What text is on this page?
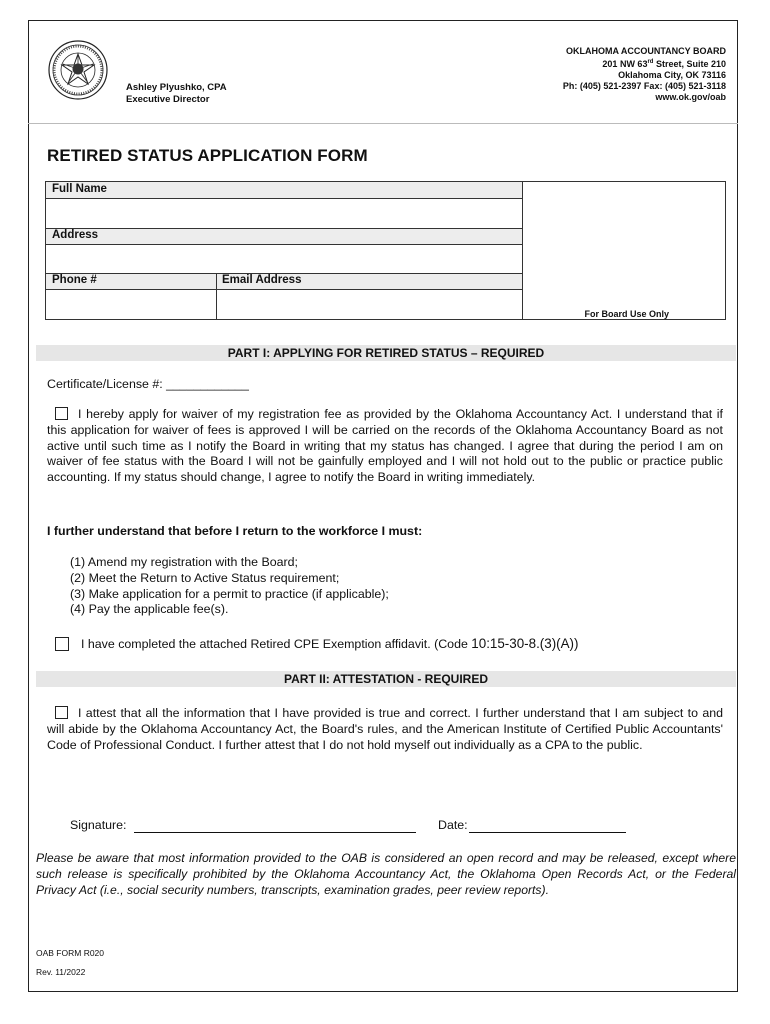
Ashley Plyushko, CPA
Executive Director
OKLAHOMA ACCOUNTANCY BOARD
201 NW 63rd Street, Suite 210
Oklahoma City, OK 73116
Ph: (405) 521-2397 Fax: (405) 521-3118
www.ok.gov/oab
RETIRED STATUS APPLICATION FORM
Full Name
Address
Phone #	Email Address
For Board Use Only
PART I: APPLYING FOR RETIRED STATUS – REQUIRED
Certificate/License #: ____________
I hereby apply for waiver of my registration fee as provided by the Oklahoma Accountancy Act. I understand that if this application for waiver of fees is approved I will be carried on the records of the Oklahoma Accountancy Board as not active until such time as I notify the Board in writing that my status has changed. I agree that during the period I am on waiver of fee status with the Board I will not be gainfully employed and I will not hold out to the public or practice public accounting. If my status should change, I agree to notify the Board in writing immediately.
I further understand that before I return to the workforce I must:
(1) Amend my registration with the Board;
(2) Meet the Return to Active Status requirement;
(3) Make application for a permit to practice (if applicable);
(4) Pay the applicable fee(s).
I have completed the attached Retired CPE Exemption affidavit. (Code 10:15-30-8.(3)(A))
PART II: ATTESTATION - REQUIRED
I attest that all the information that I have provided is true and correct. I further understand that I am subject to and will abide by the Oklahoma Accountancy Act, the Board's rules, and the American Institute of Certified Public Accountants' Code of Professional Conduct. I further attest that I do not hold myself out individually as a CPA to the public.
Signature:	Date:
Please be aware that most information provided to the OAB is considered an open record and may be released, except where such release is specifically prohibited by the Oklahoma Accountancy Act, the Oklahoma Open Records Act, or the Federal Privacy Act (i.e., social security numbers, transcripts, examination grades, peer review reports).
OAB FORM R020
Rev. 11/2022
